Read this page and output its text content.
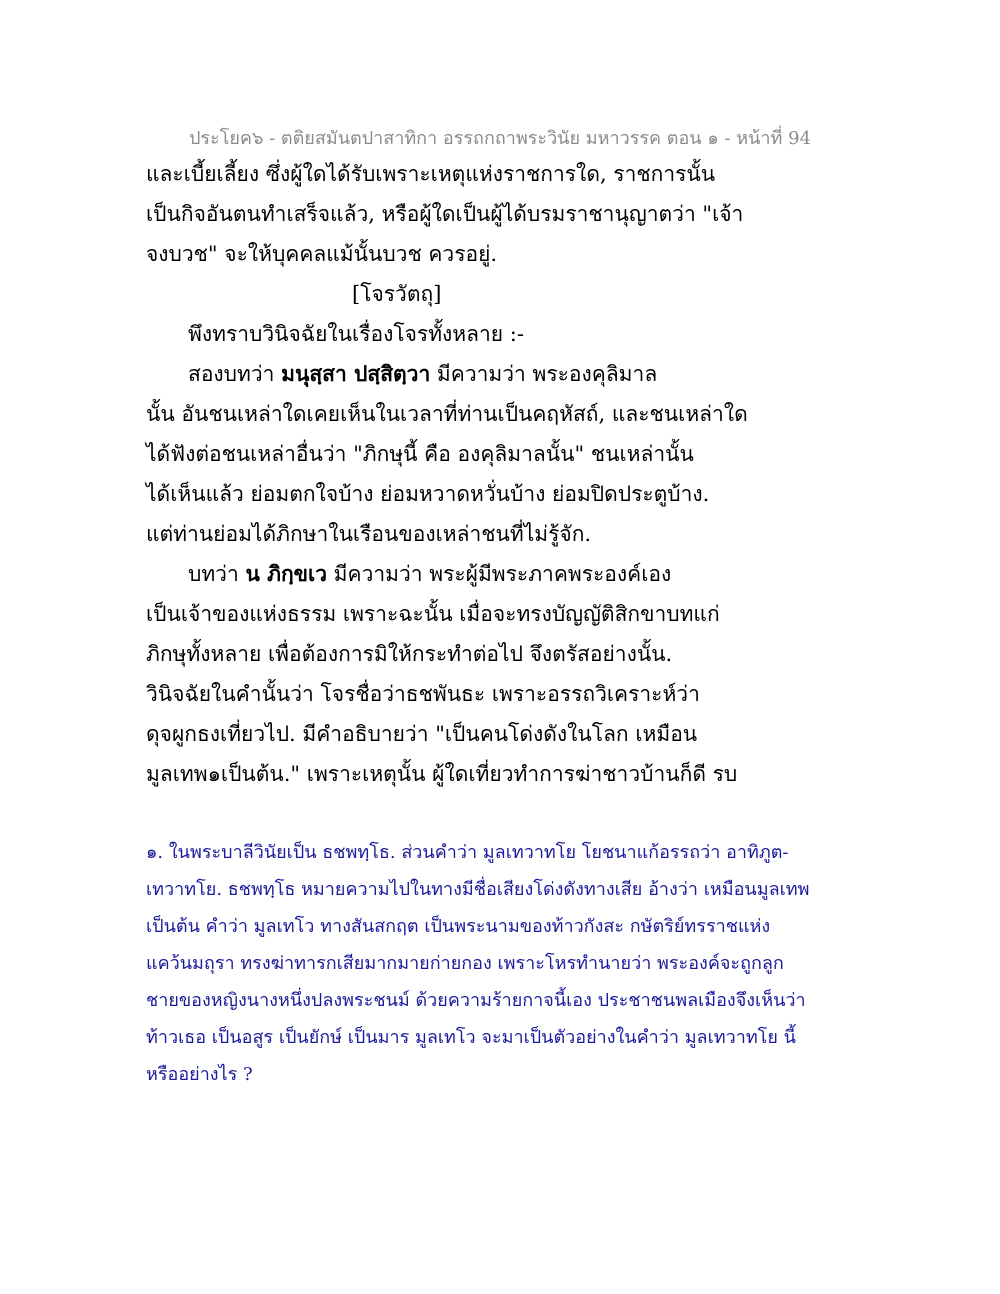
ประโยค๖ - ตติยสมันตปาสาทิกา อรรถกถาพระวินัย มหาวรรค ตอน ๑ - หน้าที่ 94
และเบี้ยเลี้ยง ซึ่งผู้ใดได้รับเพราะเหตุแห่งราชการใด, ราชการนั้น
เป็นกิจอันตนทำเสร็จแล้ว, หรือผู้ใดเป็นผู้ได้บรมราชานุญาตว่า "เจ้า
จงบวช" จะให้บุคคลแม้นั้นบวช ควรอยู่.
[โจรวัตถุ]
พึงทราบวินิจฉัยในเรื่องโจรทั้งหลาย :-
สองบทว่า มนุสฺสา ปสฺสิตฺวา มีความว่า พระองคุลิมาล
นั้น อันชนเหล่าใดเคยเห็นในเวลาที่ท่านเป็นคฤหัสถ์, และชนเหล่าใด
ได้ฟังต่อชนเหล่าอื่นว่า "ภิกษุนี้ คือ องคุลิมาลนั้น" ชนเหล่านั้น
ได้เห็นแล้ว ย่อมตกใจบ้าง ย่อมหวาดหวั่นบ้าง ย่อมปิดประตูบ้าง.
แต่ท่านย่อมได้ภิกษาในเรือนของเหล่าชนที่ไม่รู้จัก.
บทว่า น ภิกฺขเว มีความว่า พระผู้มีพระภาคพระองค์เอง
เป็นเจ้าของแห่งธรรม เพราะฉะนั้น เมื่อจะทรงบัญญัติสิกขาบทแก่
ภิกษุทั้งหลาย เพื่อต้องการมิให้กระทำต่อไป จึงตรัสอย่างนั้น.
วินิจฉัยในคำนั้นว่า โจรชื่อว่าธชพันธะ เพราะอรรถวิเคราะห์ว่า
ดุจผูกธงเที่ยวไป. มีคำอธิบายว่า "เป็นคนโด่งดังในโลก เหมือน
มูลเทพ๑เป็นต้น." เพราะเหตุนั้น ผู้ใดเที่ยวทำการฆ่าชาวบ้านก็ดี รบ
๑. ในพระบาลีวินัยเป็น ธชพทฺโธ. ส่วนคำว่า มูลเทวาทโย โยชนาแก้อรรถว่า อาทิภูต-
เทวาทโย. ธชพทฺโธ หมายความไปในทางมีชื่อเสียงโด่งดังทางเสีย อ้างว่า เหมือนมูลเทพ
เป็นต้น คำว่า มูลเทโว ทางสันสกฤต เป็นพระนามของท้าวกังสะ กษัตริย์ทรราชแห่ง
แคว้นมถุรา ทรงฆ่าทารกเสียมากมายก่ายกอง เพราะโหรทำนายว่า พระองค์จะถูกลูก
ชายของหญิงนางหนึ่งปลงพระชนม์ ด้วยความร้ายกาจนี้เอง ประชาชนพลเมืองจึงเห็นว่า
ท้าวเธอ เป็นอสูร เป็นยักษ์ เป็นมาร มูลเทโว จะมาเป็นตัวอย่างในคำว่า มูลเทวาทโย นี้
หรืออย่างไร ?
